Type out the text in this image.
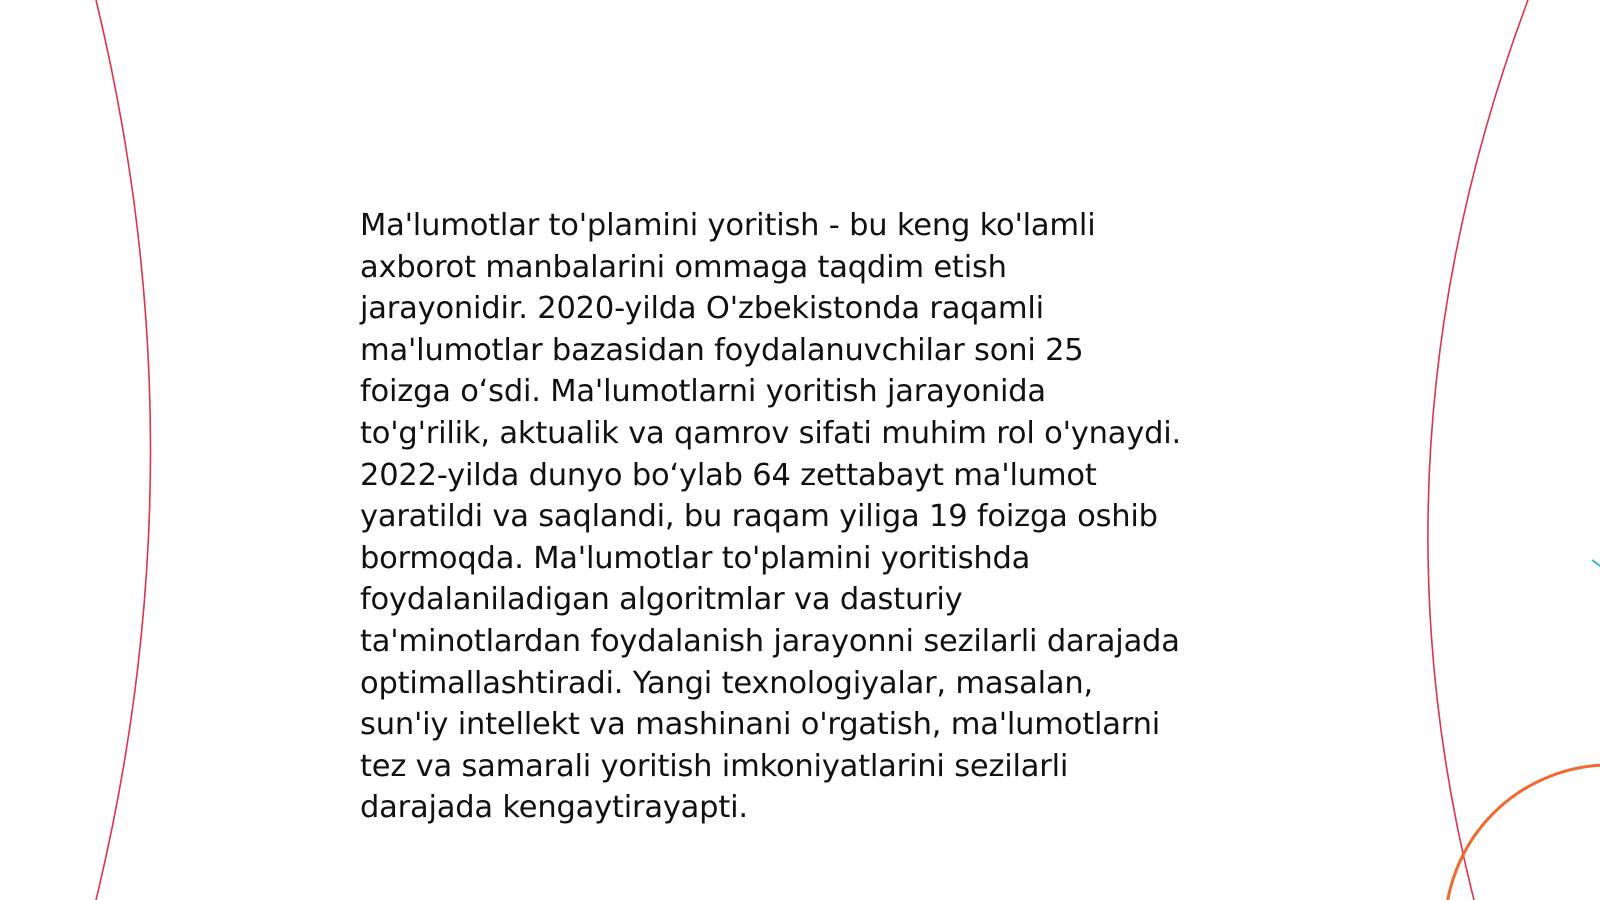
Ma'lumotlar to'plamini yoritish - bu keng ko'lamli
axborot manbalarini ommaga taqdim etish
jarayonidir. 2020-yilda O'zbekistonda raqamli
ma'lumotlar bazasidan foydalanuvchilar soni 25
foizga o‘sdi. Ma'lumotlarni yoritish jarayonida
to'g'rilik, aktualik va qamrov sifati muhim rol o'ynaydi.
2022-yilda dunyo bo‘ylab 64 zettabayt ma'lumot
yaratildi va saqlandi, bu raqam yiliga 19 foizga oshib
bormoqda. Ma'lumotlar to'plamini yoritishda
foydalaniladigan algoritmlar va dasturiy
ta'minotlardan foydalanish jarayonni sezilarli darajada
optimallashtiradi. Yangi texnologiyalar, masalan,
sun'iy intellekt va mashinani o'rgatish, ma'lumotlarni
tez va samarali yoritish imkoniyatlarini sezilarli
darajada kengaytirayapti.
